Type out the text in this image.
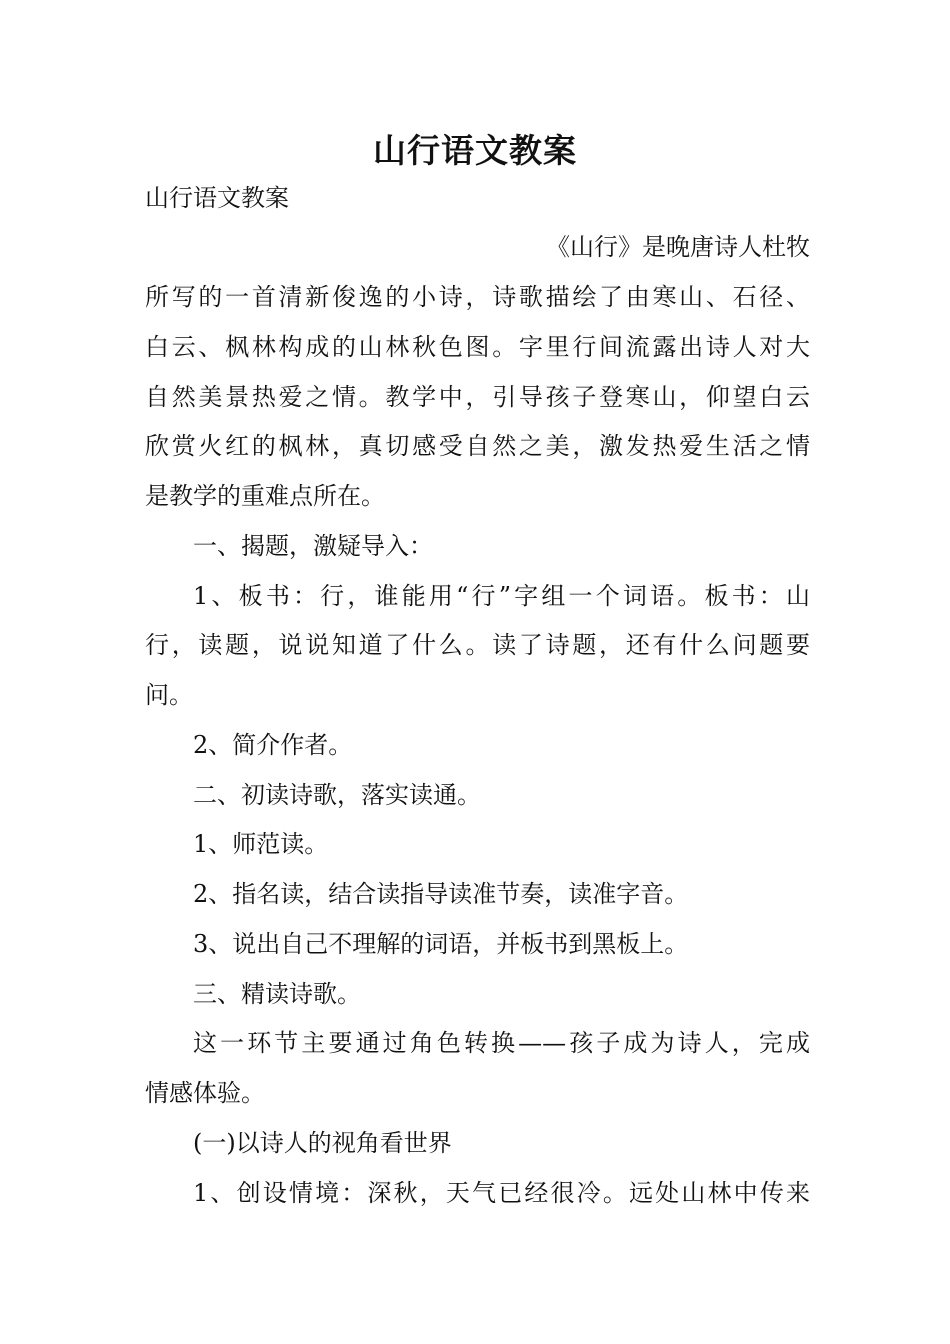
山行语文教案
山行语文教案
《山行》是晚唐诗人杜牧
所写的一首清新俊逸的小诗，诗歌描绘了由寒山、石径、
白云、枫林构成的山林秋色图。字里行间流露出诗人对大
自然美景热爱之情。教学中，引导孩子登寒山，仰望白云
欣赏火红的枫林，真切感受自然之美，激发热爱生活之情
是教学的重难点所在。
一、揭题，激疑导入：
1、板书：行，谁能用“行”字组一个词语。板书：山
行，读题，说说知道了什么。读了诗题，还有什么问题要
问。
2、简介作者。
二、初读诗歌，落实读通。
1、师范读。
2、指名读，结合读指导读准节奏，读准字音。
3、说出自己不理解的词语，并板书到黑板上。
三、精读诗歌。
这一环节主要通过角色转换——孩子成为诗人，完成
情感体验。
(一)以诗人的视角看世界
1、创设情境：深秋，天气已经很冷。远处山林中传来
